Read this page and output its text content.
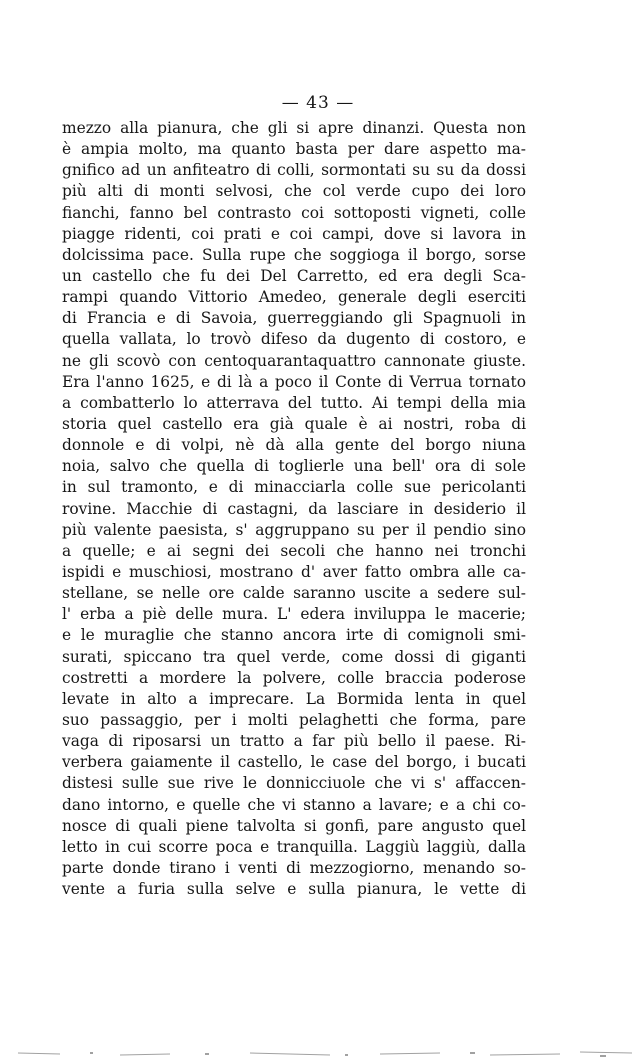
— 43 —
mezzo alla pianura, che gli si apre dinanzi. Questa non
è ampia molto, ma quanto basta per dare aspetto ma-
gnifico ad un anfiteatro di colli, sormontati su su da dossi
più alti di monti selvosi, che col verde cupo dei loro
fianchi, fanno bel contrasto coi sottoposti vigneti, colle
piagge ridenti, coi prati e coi campi, dove si lavora in
dolcissima pace. Sulla rupe che soggioga il borgo, sorse
un castello che fu dei Del Carretto, ed era degli Sca-
rampi quando Vittorio Amedeo, generale degli eserciti
di Francia e di Savoia, guerreggiando gli Spagnuoli in
quella vallata, lo trovò difeso da dugento di costoro, e
ne gli scovò con centoquarantaquattro cannonate giuste.
Era l'anno 1625, e di là a poco il Conte di Verrua tornato
a combatterlo lo atterrava del tutto. Ai tempi della mia
storia quel castello era già quale è ai nostri, roba di
donnole e di volpi, nè dà alla gente del borgo niuna
noia, salvo che quella di toglierle una bell' ora di sole
in sul tramonto, e di minacciarla colle sue pericolanti
rovine. Macchie di castagni, da lasciare in desiderio il
più valente paesista, s' aggruppano su per il pendio sino
a quelle; e ai segni dei secoli che hanno nei tronchi
ispidi e muschiosi, mostrano d' aver fatto ombra alle ca-
stellane, se nelle ore calde saranno uscite a sedere sul-
l' erba a piè delle mura. L' edera inviluppa le macerie;
e le muraglie che stanno ancora irte di comignoli smi-
surati, spiccano tra quel verde, come dossi di giganti
costretti a mordere la polvere, colle braccia poderose
levate in alto a imprecare. La Bormida lenta in quel
suo passaggio, per i molti pelaghetti che forma, pare
vaga di riposarsi un tratto a far più bello il paese. Ri-
verbera gaiamente il castello, le case del borgo, i bucati
distesi sulle sue rive le donnicciuole che vi s' affaccen-
dano intorno, e quelle che vi stanno a lavare; e a chi co-
nosce di quali piene talvolta si gonfi, pare angusto quel
letto in cui scorre poca e tranquilla. Laggiù laggiù, dalla
parte donde tirano i venti di mezzogiorno, menando so-
vente a furia sulla selve e sulla pianura, le vette di
